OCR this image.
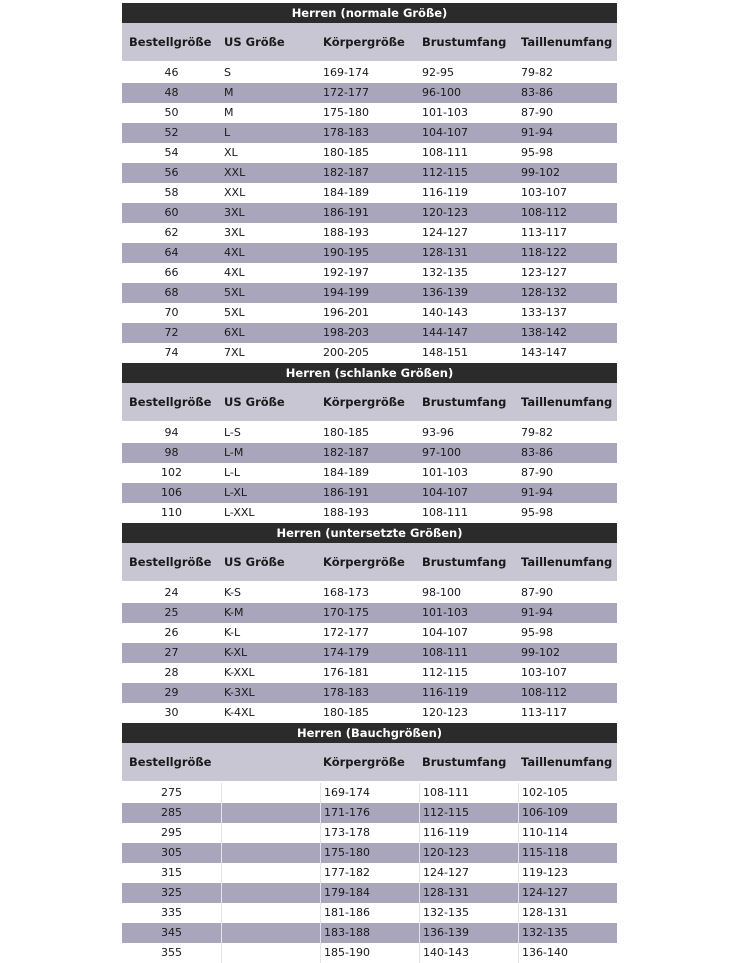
Herren (normale Größe)
Bestellgröße	US Größe	Körpergröße	Brustumfang	Taillenumfang
46	S	169-174	92-95	79-82
48	M	172-177	96-100	83-86
50	M	175-180	101-103	87-90
52	L	178-183	104-107	91-94
54	XL	180-185	108-111	95-98
56	XXL	182-187	112-115	99-102
58	XXL	184-189	116-119	103-107
60	3XL	186-191	120-123	108-112
62	3XL	188-193	124-127	113-117
64	4XL	190-195	128-131	118-122
66	4XL	192-197	132-135	123-127
68	5XL	194-199	136-139	128-132
70	5XL	196-201	140-143	133-137
72	6XL	198-203	144-147	138-142
74	7XL	200-205	148-151	143-147
Herren (schlanke Größen)
Bestellgröße	US Größe	Körpergröße	Brustumfang	Taillenumfang
94	L-S	180-185	93-96	79-82
98	L-M	182-187	97-100	83-86
102	L-L	184-189	101-103	87-90
106	L-XL	186-191	104-107	91-94
110	L-XXL	188-193	108-111	95-98
Herren (untersetzte Größen)
Bestellgröße	US Größe	Körpergröße	Brustumfang	Taillenumfang
24	K-S	168-173	98-100	87-90
25	K-M	170-175	101-103	91-94
26	K-L	172-177	104-107	95-98
27	K-XL	174-179	108-111	99-102
28	K-XXL	176-181	112-115	103-107
29	K-3XL	178-183	116-119	108-112
30	K-4XL	180-185	120-123	113-117
Herren (Bauchgrößen)
Bestellgröße	Körpergröße	Brustumfang	Taillenumfang
275	169-174	108-111	102-105
285	171-176	112-115	106-109
295	173-178	116-119	110-114
305	175-180	120-123	115-118
315	177-182	124-127	119-123
325	179-184	128-131	124-127
335	181-186	132-135	128-131
345	183-188	136-139	132-135
355	185-190	140-143	136-140
